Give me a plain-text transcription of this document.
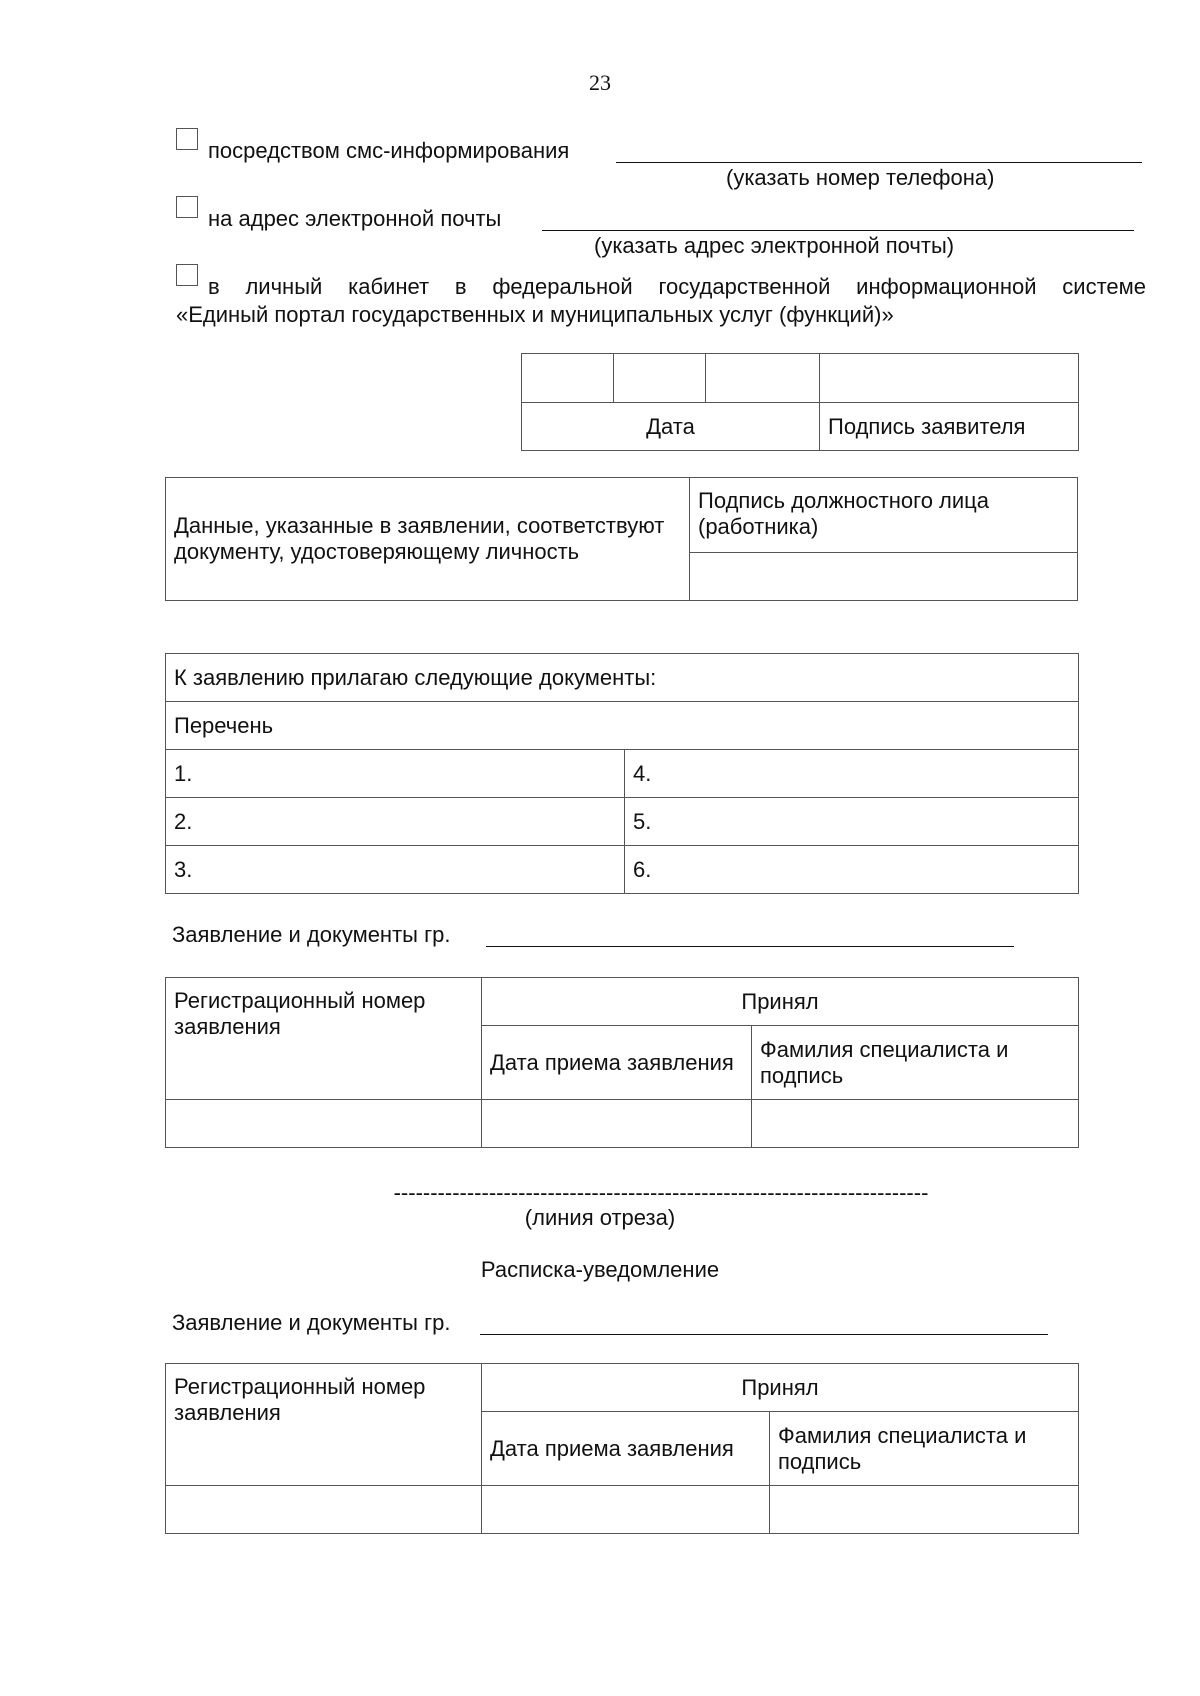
23
посредством смс-информирования
(указать номер телефона)
на адрес электронной почты
(указать адрес электронной почты)
в личный кабинет в федеральной государственной информационной системе
«Единый портал государственных и муниципальных услуг (функций)»

Дата			Подпись заявителя
Данные, указанные в заявлении, соответствуют документу, удостоверяющему личность	Подпись должностного лица (работника)

К заявлению прилагаю следующие документы:	
Перечень	
1.	4.
2.	5.
3.	6.
Заявление и документы гр.
Регистрационный номер заявления	Принял	
	Дата приема заявления	Фамилия специалиста и подпись

-------------------------------------------------------------------------
(линия отреза)
Расписка-уведомление
Заявление и документы гр.
Регистрационный номер заявления	Принял	
	Дата приема заявления	Фамилия специалиста и подпись
